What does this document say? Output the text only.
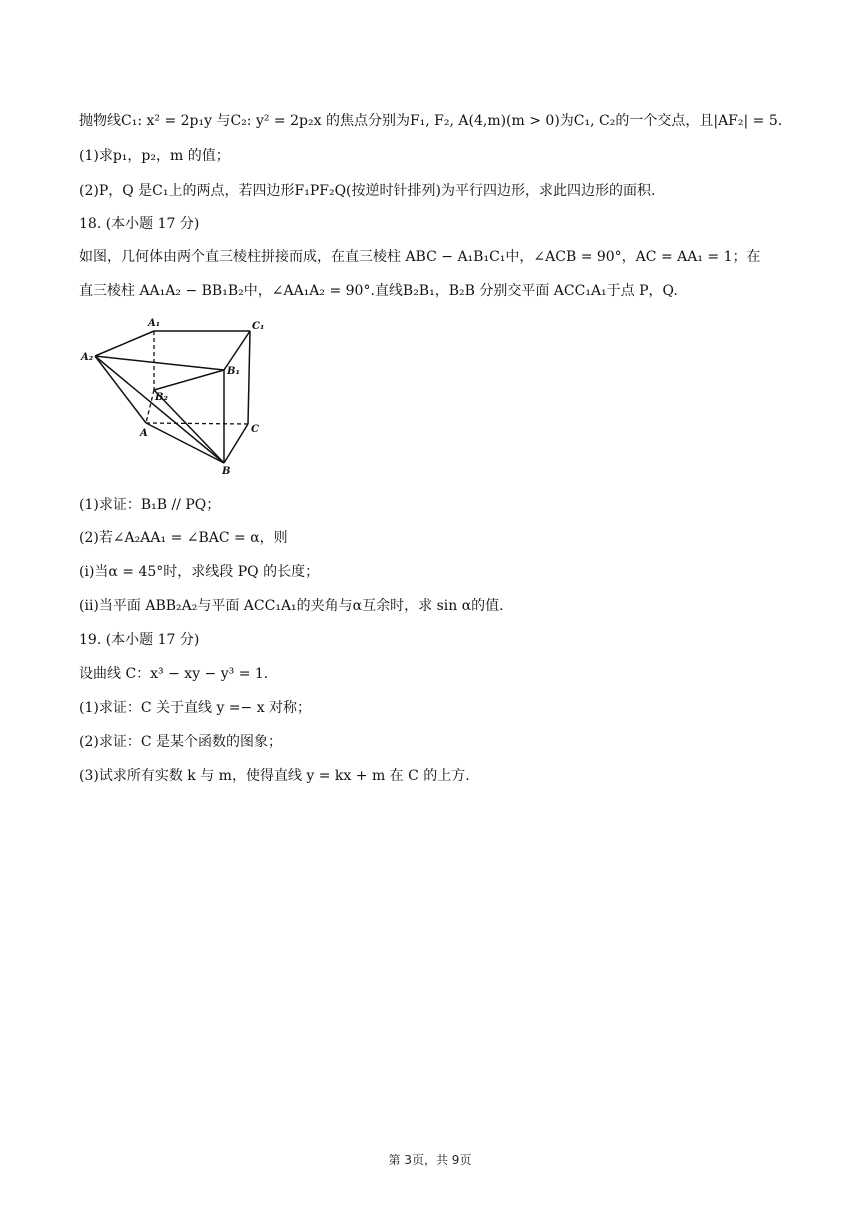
抛物线C₁: x² = 2p₁y 与C₂: y² = 2p₂x 的焦点分别为F₁, F₂, A(4,m)(m > 0)为C₁, C₂的一个交点，且|AF₂| = 5.
(1)求p₁，p₂，m 的值；
(2)P，Q 是C₁上的两点，若四边形F₁PF₂Q(按逆时针排列)为平行四边形，求此四边形的面积.
18. (本小题 17 分)
如图，几何体由两个直三棱柱拼接而成，在直三棱柱 ABC − A₁B₁C₁中，∠ACB = 90°，AC = AA₁ = 1；在
直三棱柱 AA₁A₂ − BB₁B₂中，∠AA₁A₂ = 90°.直线B₂B₁，B₂B 分别交平面 ACC₁A₁于点 P，Q.
A₁	C₁
A₂
B₁
B₂
A	C
B
(1)求证：B₁B // PQ；
(2)若∠A₂AA₁ = ∠BAC = α，则
(ⅰ)当α = 45°时，求线段 PQ 的长度；
(ⅱ)当平面 ABB₂A₂与平面 ACC₁A₁的夹角与α互余时，求 sin α的值.
19. (本小题 17 分)
设曲线 C：x³ − xy − y³ = 1.
(1)求证：C 关于直线 y =− x 对称；
(2)求证：C 是某个函数的图象；
(3)试求所有实数 k 与 m，使得直线 y = kx + m 在 C 的上方.
第 3页，共 9页
